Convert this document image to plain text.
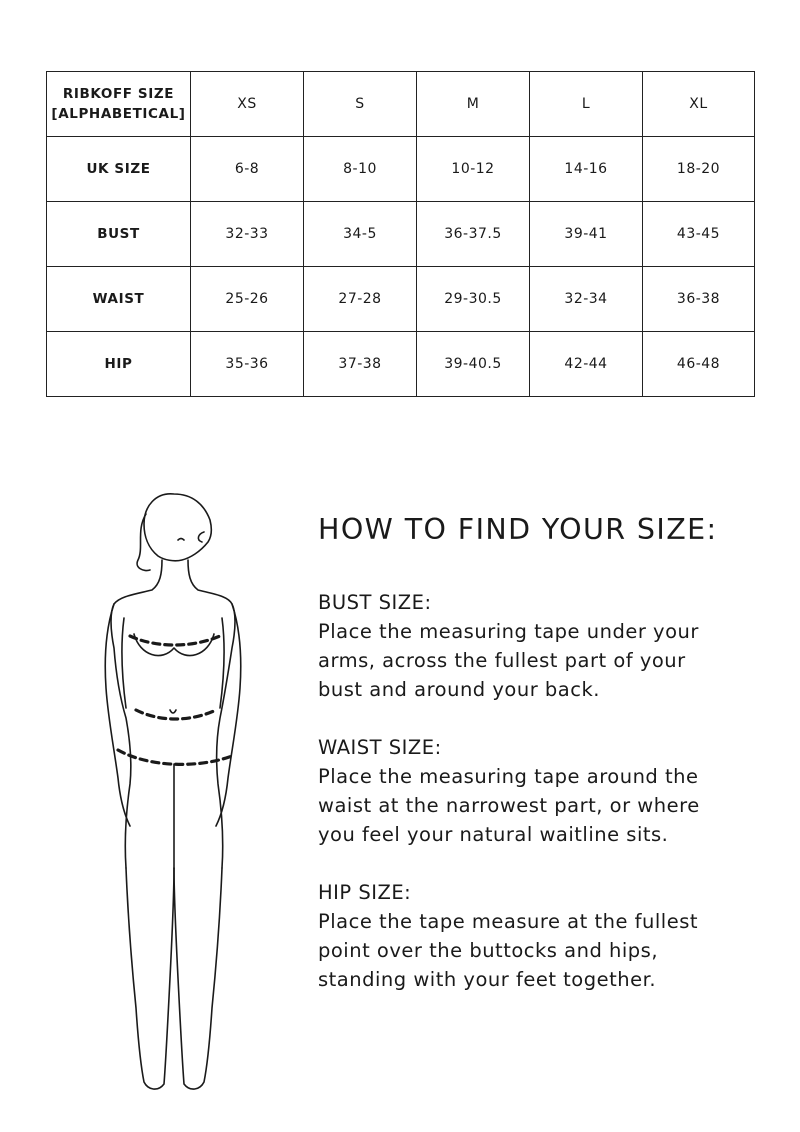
RIBKOFF SIZE
[ALPHABETICAL]	XS	S	M	L	XL
UK SIZE	6-8	8-10	10-12	14-16	18-20
BUST	32-33	34-5	36-37.5	39-41	43-45
WAIST	25-26	27-28	29-30.5	32-34	36-38
HIP	35-36	37-38	39-40.5	42-44	46-48
HOW TO FIND YOUR SIZE:
BUST SIZE:
Place the measuring tape under your
arms, across the fullest part of your
bust and around your back.
WAIST SIZE:
Place the measuring tape around the
waist at the narrowest part, or where
you feel your natural waitline sits.
HIP SIZE:
Place the tape measure at the fullest
point over the buttocks and hips,
standing with your feet together.
